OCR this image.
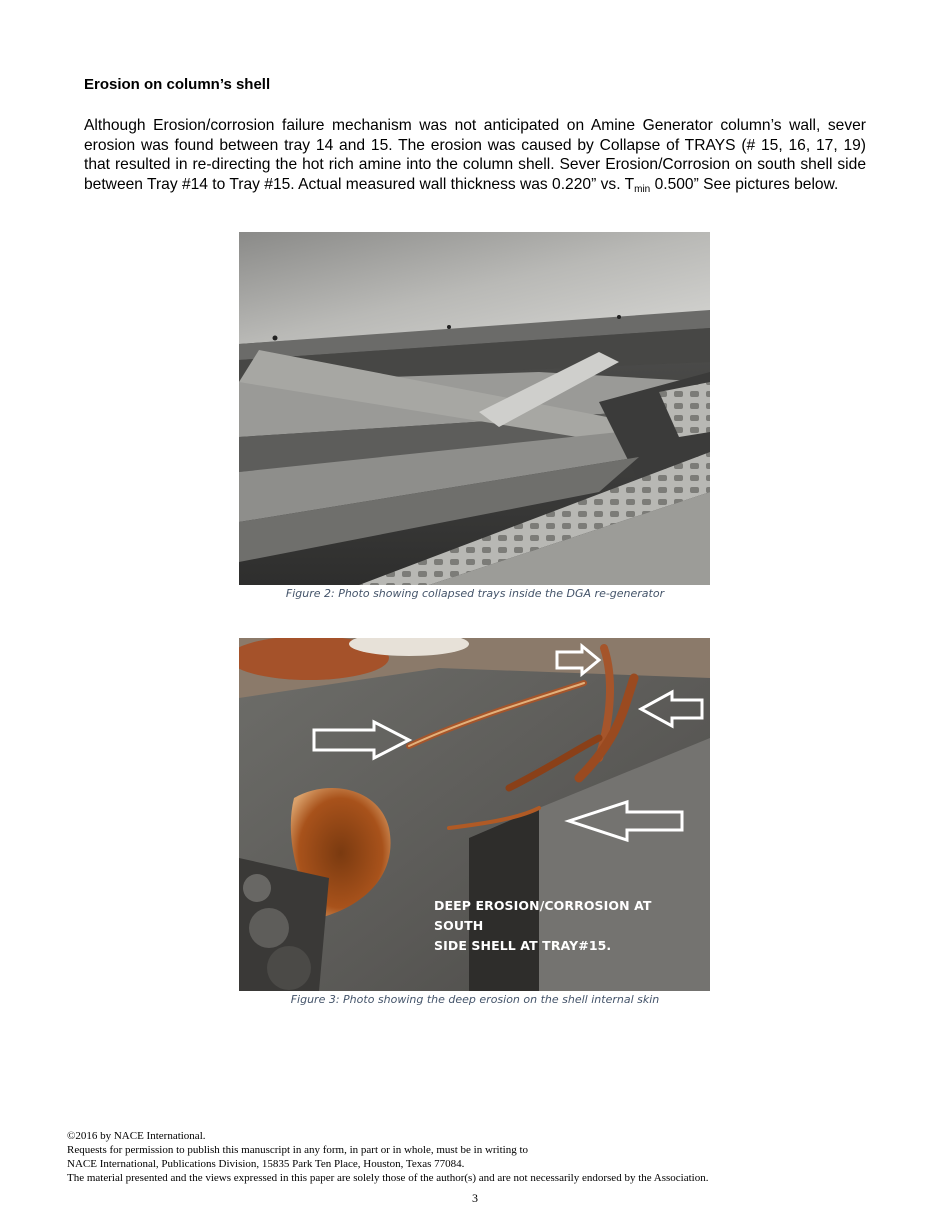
Erosion on column’s shell
Although Erosion/corrosion failure mechanism was not anticipated on Amine Generator column’s wall, sever erosion was found between tray 14 and 15. The erosion was caused by Collapse of TRAYS (# 15, 16, 17, 19) that resulted in re-directing the hot rich amine into the column shell. Sever Erosion/Corrosion on south shell side between Tray #14 to Tray #15. Actual measured wall thickness was 0.220” vs. $T_{min}$ 0.500” See pictures below.
Figure 2: Photo showing collapsed trays inside the DGA re-generator
DEEP EROSION/CORROSION AT SOUTH
SIDE SHELL AT TRAY#15.
Figure 3: Photo showing the deep erosion on the shell internal skin
©2016 by NACE International.
Requests for permission to publish this manuscript in any form, in part or in whole, must be in writing to
NACE International, Publications Division, 15835 Park Ten Place, Houston, Texas 77084.
The material presented and the views expressed in this paper are solely those of the author(s) and are not necessarily endorsed by the Association.
3
